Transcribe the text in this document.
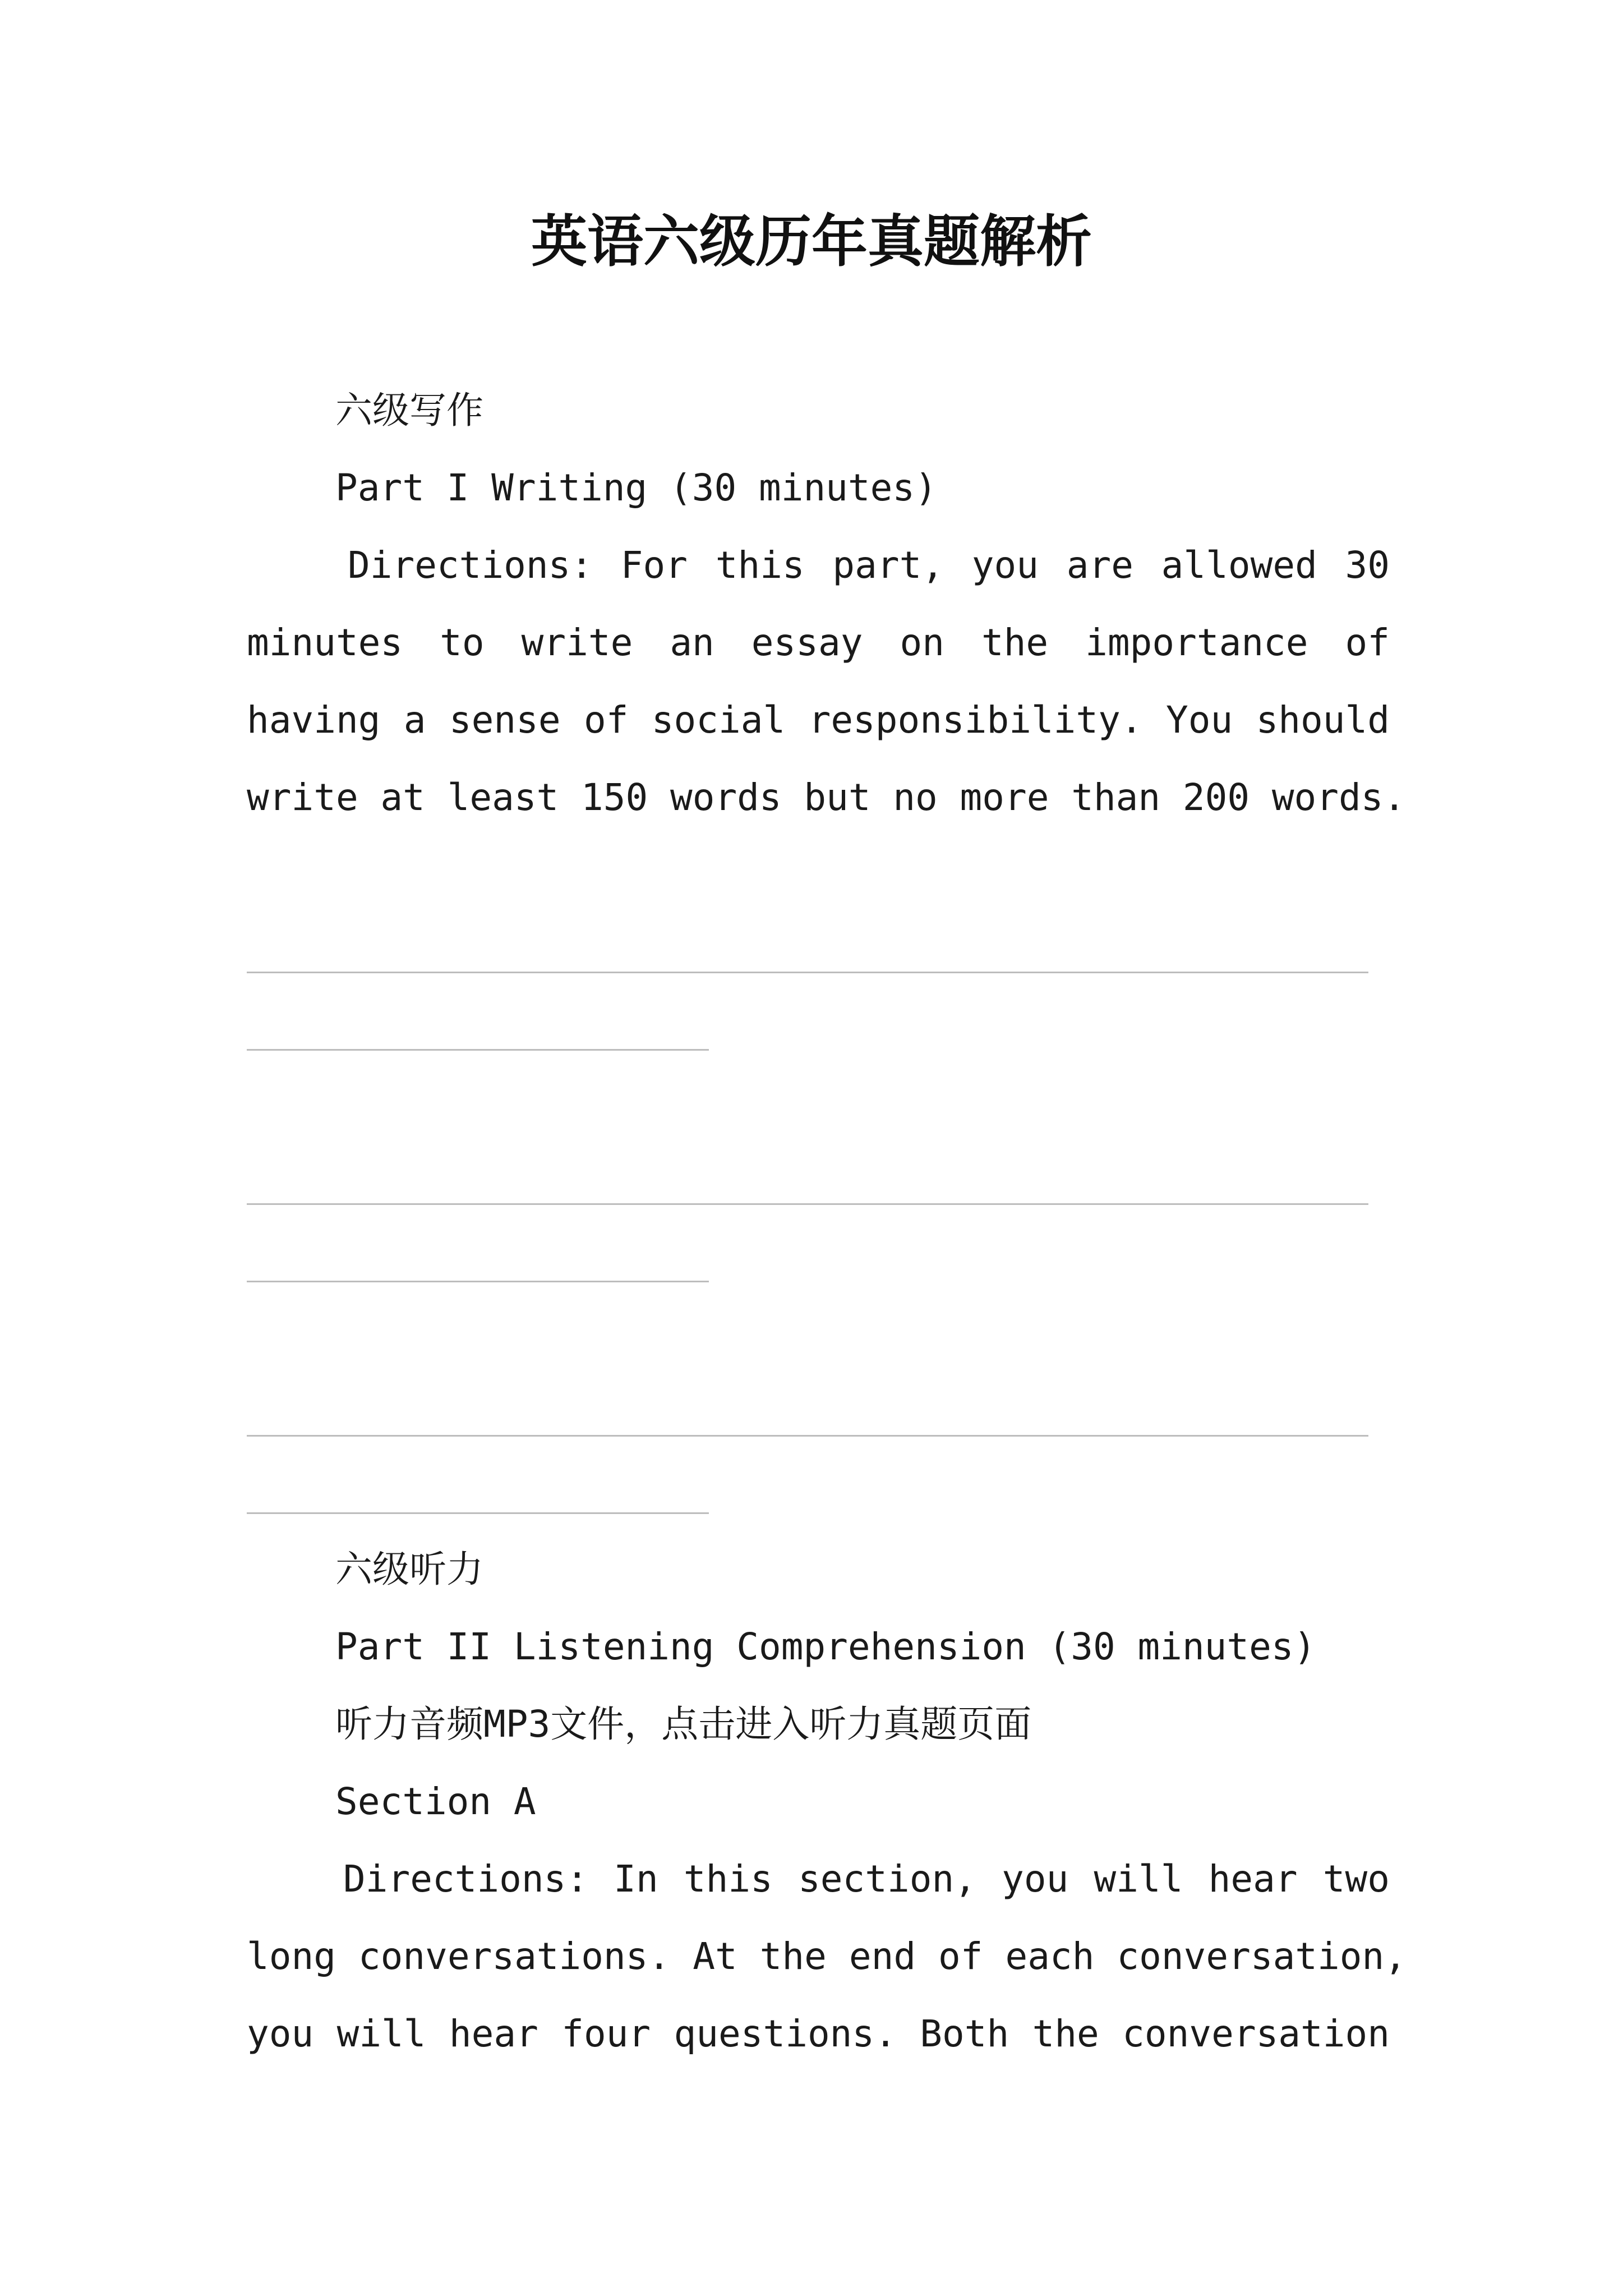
英语六级历年真题解析
六级写作
Part I Writing (30 minutes)
Directions: For this part, you are allowed 30
minutes to write an essay on the importance of
having a sense of social responsibility. You should
write at least 150 words but no more than 200 words.
六级听力
Part II Listening Comprehension (30 minutes)
听力音频MP3文件，点击进入听力真题页面
Section A
Directions: In this section, you will hear two
long conversations. At the end of each conversation,
you will hear four questions. Both the conversation
